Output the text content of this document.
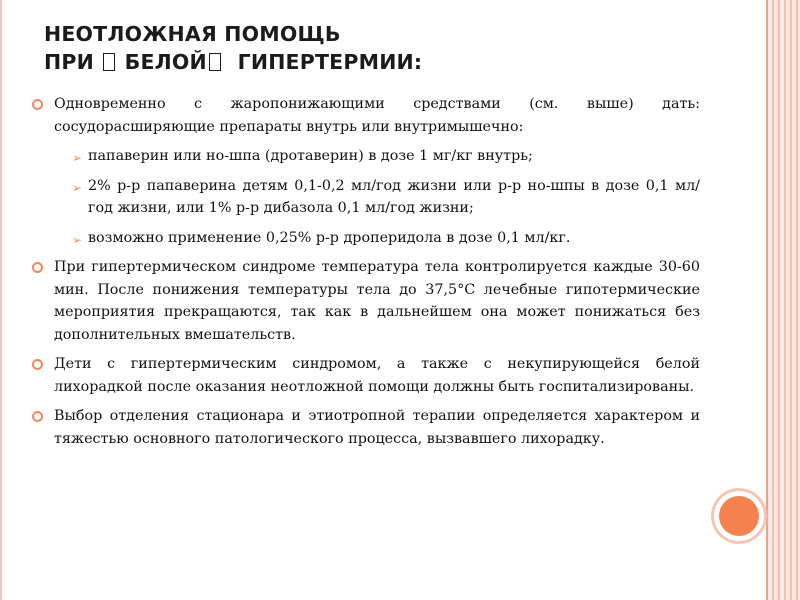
НЕОТЛОЖНАЯ ПОМОЩЬ
ПРИ БЕЛОЙ ГИПЕРТЕРМИИ:
Одновременно с жаропонижающими средствами (см. выше) дать: сосудорасширяющие препараты внутрь или внутримышечно:
➢ папаверин или но-шпа (дротаверин) в дозе 1 мг/кг внутрь;
➢ 2% р-р папаверина детям 0,1-0,2 мл/год жизни или р-р но-шпы в дозе 0,1 мл/год жизни, или 1% р-р дибазола 0,1 мл/год жизни;
➢ возможно применение 0,25% р-р дроперидола в дозе 0,1 мл/кг.
При гипертермическом синдроме температура тела контролируется каждые 30-60 мин. После понижения температуры тела до 37,5°С лечебные гипотермические мероприятия прекращаются, так как в дальнейшем она может понижаться без дополнительных вмешательств.
Дети с гипертермическим синдромом, а также с некупирующейся белой лихорадкой после оказания неотложной помощи должны быть госпитализированы.
Выбор отделения стационара и этиотропной терапии определяется характером и тяжестью основного патологического процесса, вызвавшего лихорадку.
